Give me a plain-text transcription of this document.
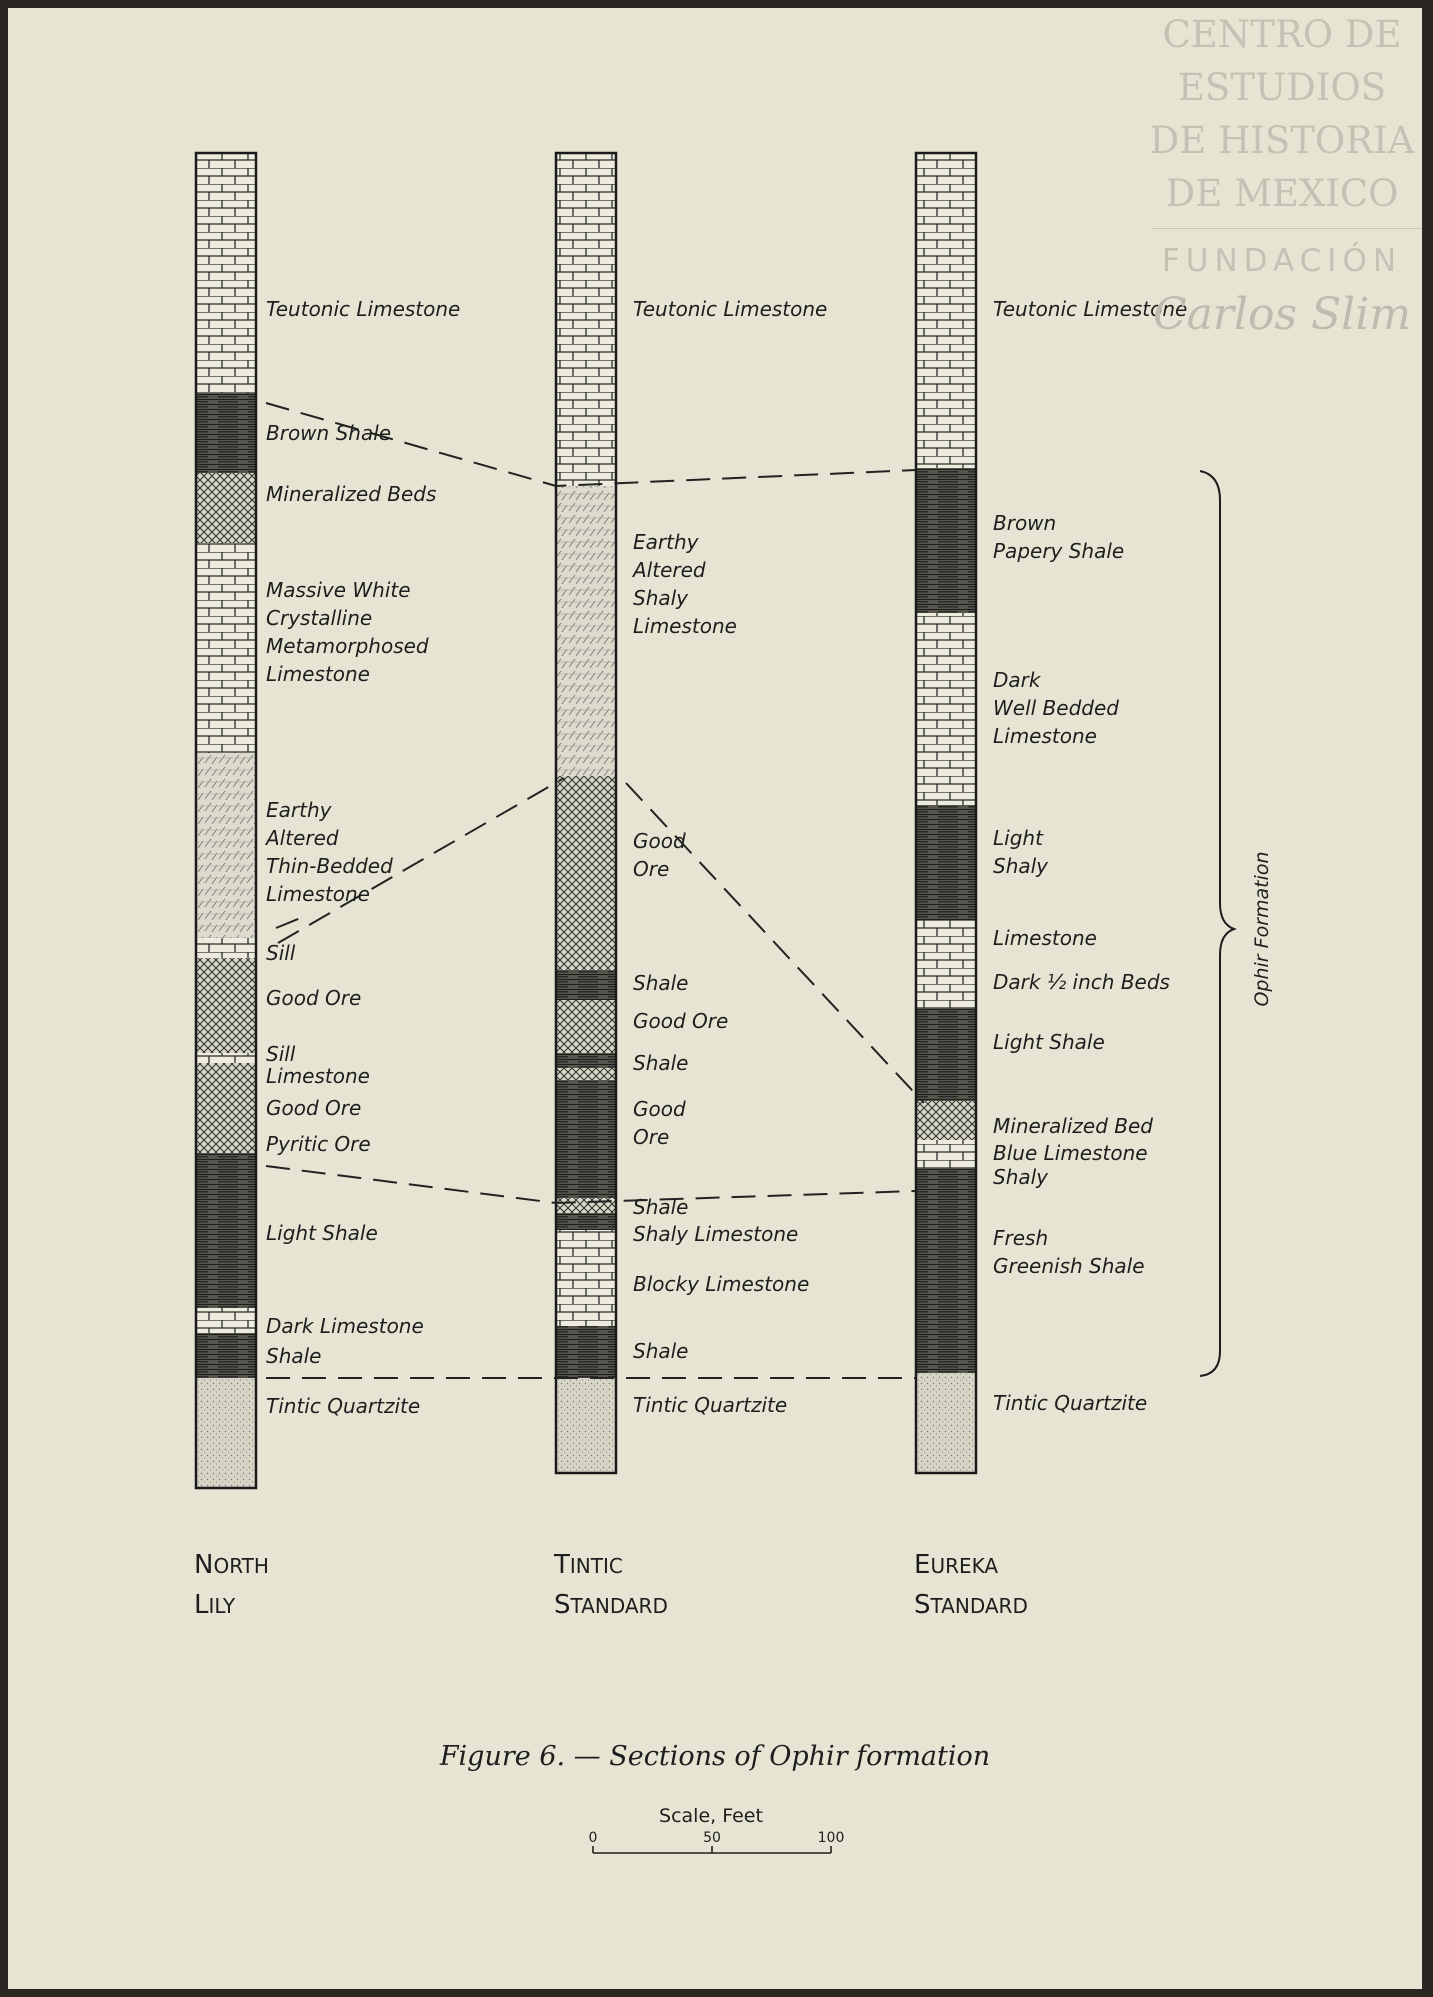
Teutonic Limestone
Brown Shale
Mineralized Beds
Massive White
Crystalline
Metamorphosed
Limestone
Earthy
Altered
Thin-Bedded
Limestone
Sill
Good Ore
Sill
Limestone
Good Ore
Pyritic Ore
Light Shale
Dark Limestone
Shale
Tintic Quartzite
Teutonic Limestone
Earthy
Altered
Shaly
Limestone
Good
Ore
Shale
Good Ore
Shale
Good
Ore
Shale
Shaly Limestone
Blocky Limestone
Shale
Tintic Quartzite
Teutonic Limestone
Brown
Papery Shale
Dark
Well Bedded
Limestone
Light
Shaly
Limestone
Dark ½ inch Beds
Light Shale
Mineralized Bed
Blue Limestone
Shaly
Fresh
Greenish Shale
Tintic Quartzite
Ophir Formation
NORTH
LILY
TINTIC
STANDARD
EUREKA
STANDARD
Figure 6. — Sections of Ophir formation
Scale, Feet
0	50	100
CENTRO DE
ESTUDIOS
DE HISTORIA
DE MEXICO
FUNDACIÓN
Carlos Slim
